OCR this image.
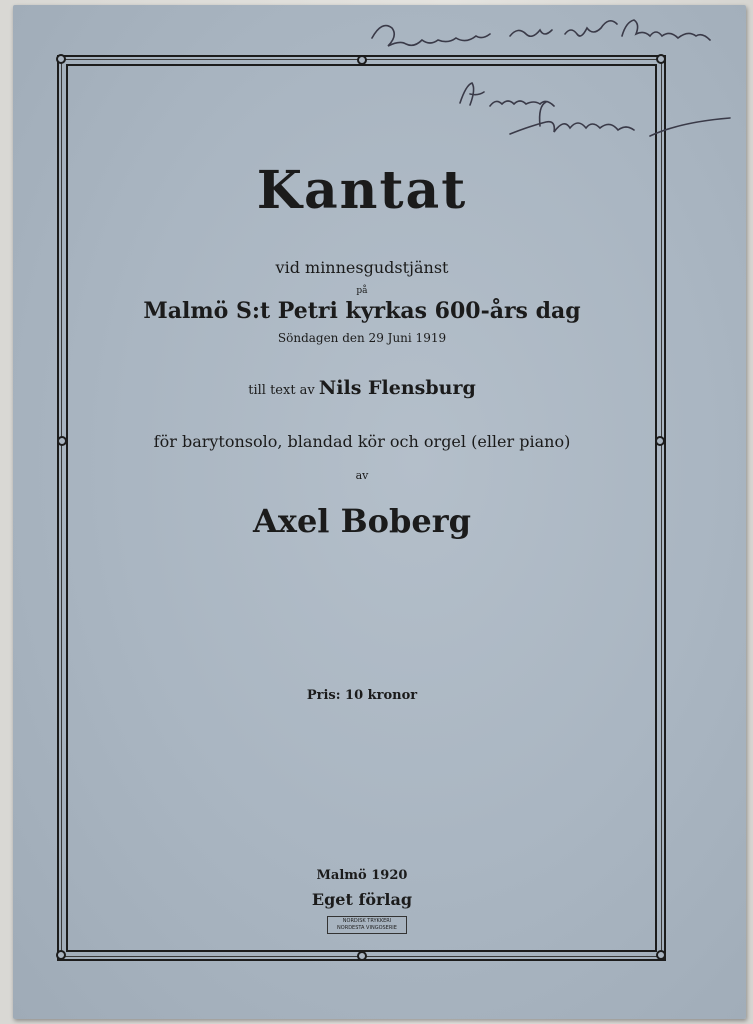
Kantat
vid minnesgudstjänst
på
Malmö S:t Petri kyrkas 600-års dag
Söndagen den 29 Juni 1919
till text av Nils Flensburg
för barytonsolo, blandad kör och orgel (eller piano)
av
Axel Boberg
Pris: 10 kronor
Malmö 1920
Eget förlag
NORDISK TRYKKERI
NORDESTA VINGOSERIE
